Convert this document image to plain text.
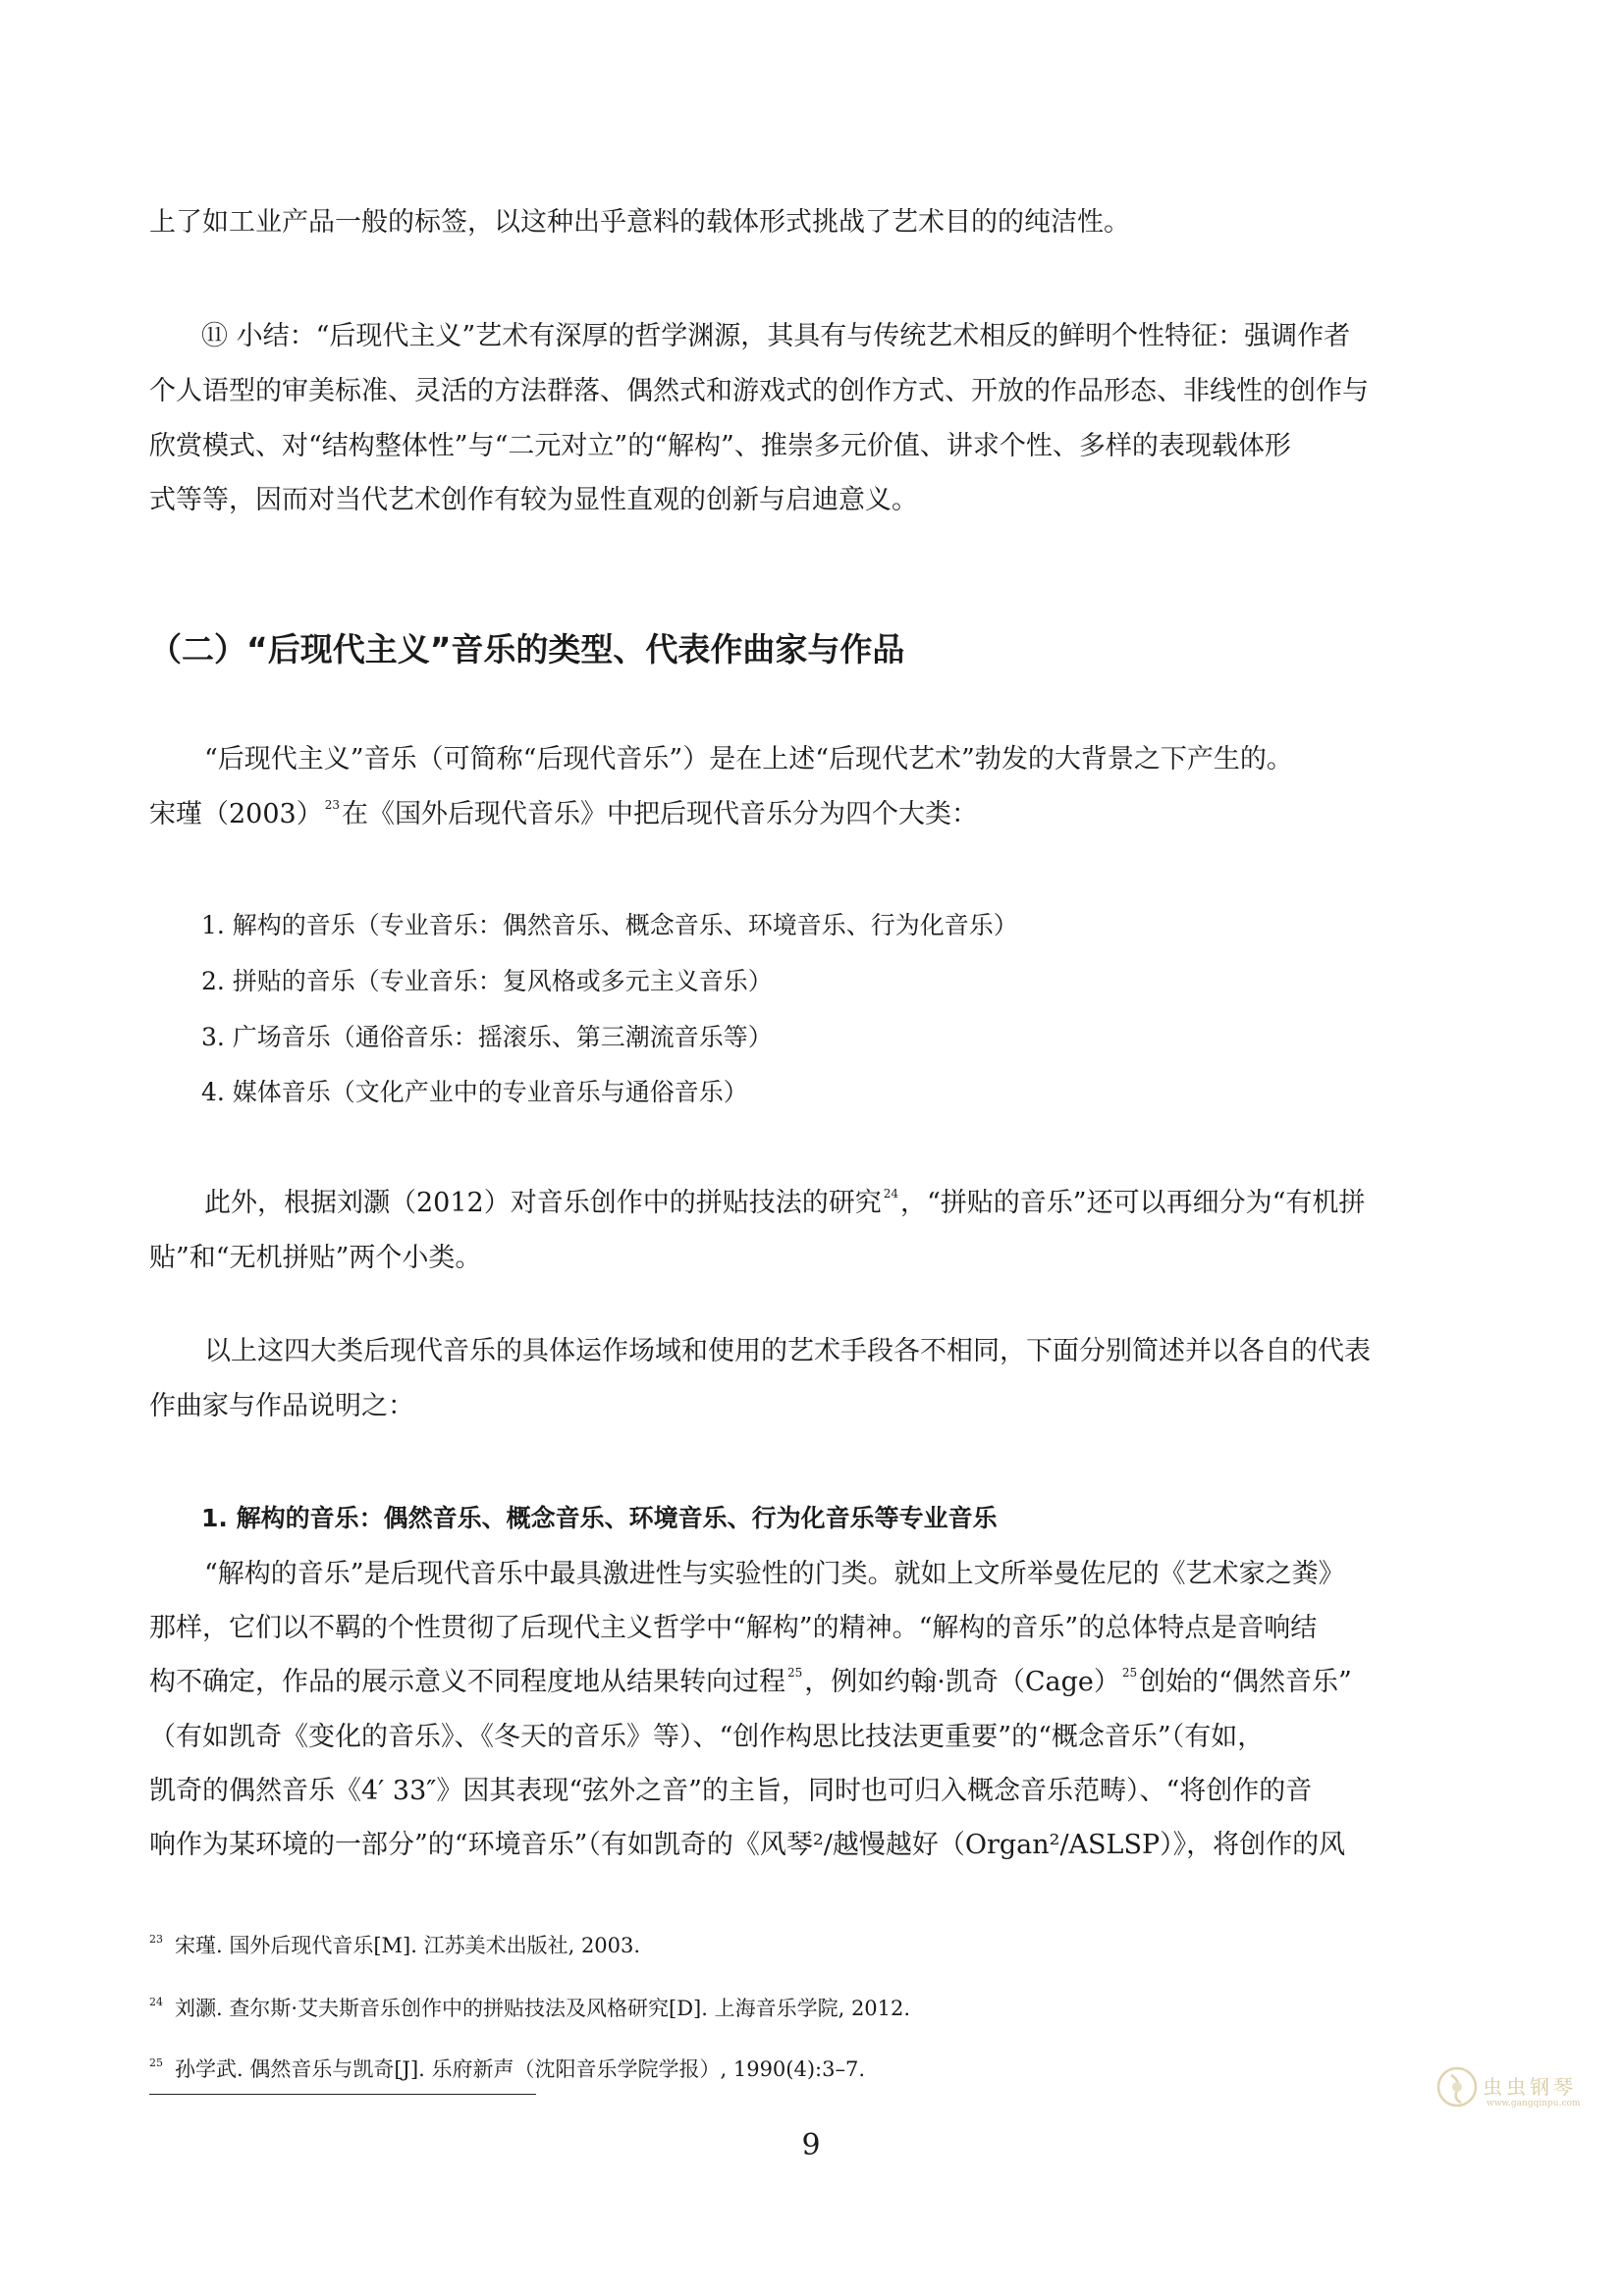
上了如工业产品一般的标签，以这种出乎意料的载体形式挑战了艺术目的的纯洁性。
⑪ 小结：“后现代主义”艺术有深厚的哲学渊源，其具有与传统艺术相反的鲜明个性特征：强调作者
个人语型的审美标准、灵活的方法群落、偶然式和游戏式的创作方式、开放的作品形态、非线性的创作与
欣赏模式、对“结构整体性”与“二元对立”的“解构”、推崇多元价值、讲求个性、多样的表现载体形
式等等，因而对当代艺术创作有较为显性直观的创新与启迪意义。
（二）“后现代主义”音乐的类型、代表作曲家与作品
“后现代主义”音乐（可简称“后现代音乐”）是在上述“后现代艺术”勃发的大背景之下产生的。
宋瑾（2003） $^{23}$在《国外后现代音乐》中把后现代音乐分为四个大类：
1. 解构的音乐（专业音乐：偶然音乐、概念音乐、环境音乐、行为化音乐）
2. 拼贴的音乐（专业音乐：复风格或多元主义音乐）
3. 广场音乐（通俗音乐：摇滚乐、第三潮流音乐等）
4. 媒体音乐（文化产业中的专业音乐与通俗音乐）
此外，根据刘灏（2012）对音乐创作中的拼贴技法的研究 $^{24}$，“拼贴的音乐”还可以再细分为“有机拼
贴”和“无机拼贴”两个小类。
以上这四大类后现代音乐的具体运作场域和使用的艺术手段各不相同，下面分别简述并以各自的代表
作曲家与作品说明之：
1. 解构的音乐：偶然音乐、概念音乐、环境音乐、行为化音乐等专业音乐
“解构的音乐”是后现代音乐中最具激进性与实验性的门类。就如上文所举曼佐尼的《艺术家之粪》
那样，它们以不羁的个性贯彻了后现代主义哲学中“解构”的精神。“解构的音乐”的总体特点是音响结
构不确定，作品的展示意义不同程度地从结果转向过程 $^{25}$，例如约翰·凯奇（Cage） $^{25}$创始的“偶然音乐”
（有如凯奇《变化的音乐》、《冬天的音乐》等）、“创作构思比技法更重要”的“概念音乐”（有如，
凯奇的偶然音乐《4′ 33″》因其表现“弦外之音”的主旨，同时也可归入概念音乐范畴）、“将创作的音
响作为某环境的一部分”的“环境音乐”（有如凯奇的《风琴²/越慢越好（Organ²/ASLSP）》，将创作的风
$^{23}$ 宋瑾. 国外后现代音乐[M]. 江苏美术出版社, 2003.
$^{24}$ 刘灏. 查尔斯·艾夫斯音乐创作中的拼贴技法及风格研究[D]. 上海音乐学院, 2012.
$^{25}$ 孙学武. 偶然音乐与凯奇[J]. 乐府新声（沈阳音乐学院学报）, 1990(4):3–7.
9
虫虫钢琴
www.gangqinpu.com
